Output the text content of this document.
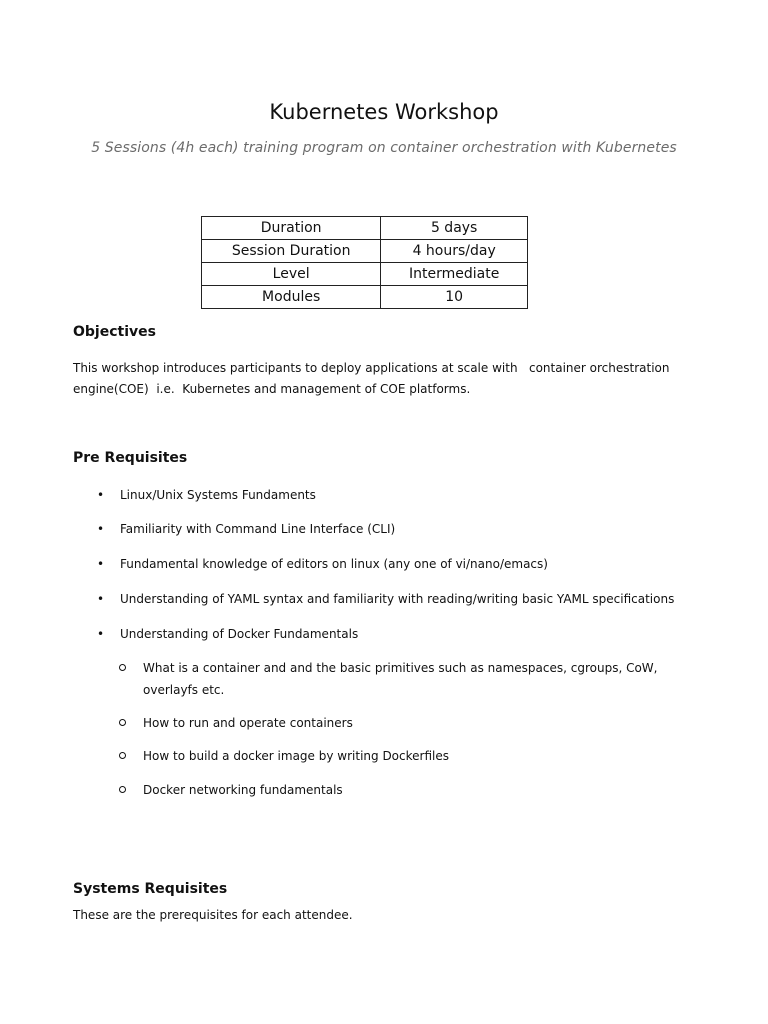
Kubernetes Workshop
5 Sessions (4h each) training program on container orchestration with Kubernetes
Duration	5 days
Session Duration	4 hours/day
Level	Intermediate
Modules	10
Objectives
This workshop introduces participants to deploy applications at scale with   container orchestration
engine(COE)  i.e.  Kubernetes and management of COE platforms.
Pre Requisites
• Linux/Unix Systems Fundaments
• Familiarity with Command Line Interface (CLI)
• Fundamental knowledge of editors on linux (any one of vi/nano/emacs)
• Understanding of YAML syntax and familiarity with reading/writing basic YAML specifications
• Understanding of Docker Fundamentals
What is a container and and the basic primitives such as namespaces, cgroups, CoW, overlayfs etc.
How to run and operate containers
How to build a docker image by writing Dockerfiles
Docker networking fundamentals
Systems Requisites
These are the prerequisites for each attendee.
